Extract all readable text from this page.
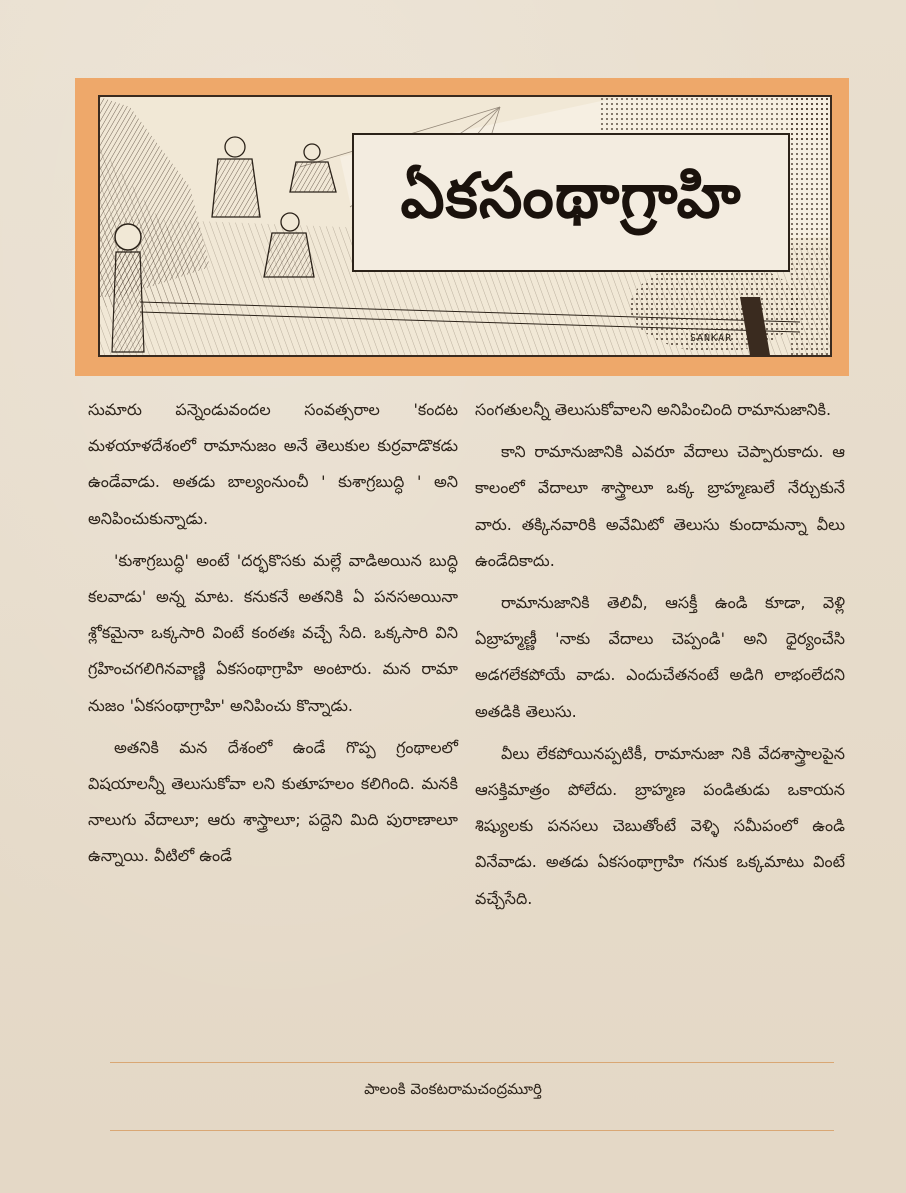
ఏకసంథాగ్రాహి
SANKAR

సుమారు పన్నెండువందల సంవత్సరాల 'కందట మళయాళదేశంలో రామానుజం అనే తెలుకుల కుర్రవాడొకడు ఉండేవాడు. అతడు బాల్యంనుంచీ ' కుశాగ్రబుద్ధి ' అని అనిపించుకున్నాడు.

'కుశాగ్రబుద్ధి' అంటే 'దర్భకొసకు మల్లే వాడిఅయిన బుద్ధి కలవాడు' అన్న మాట. కనుకనే అతనికి ఏ పనసఅయినా శ్లోకమైనా ఒక్కసారి వింటే కంఠతః వచ్చే సేది. ఒక్కసారి విని గ్రహించగలిగినవాణ్ణి ఏకసంథాగ్రాహి అంటారు. మన రామా నుజం 'ఏకసంథాగ్రాహి' అనిపించు కొన్నాడు.

అతనికి మన దేశంలో ఉండే గొప్ప గ్రంథాలలో విషయాలన్నీ తెలుసుకోవా లని కుతూహలం కలిగింది. మనకి నాలుగు వేదాలూ; ఆరు శాస్త్రాలూ; పద్దెని మిది పురాణాలూ ఉన్నాయి. వీటిలో ఉండే

సంగతులన్నీ తెలుసుకోవాలని అనిపించింది రామానుజానికి.

కాని రామానుజానికి ఎవరూ వేదాలు చెప్పారుకాదు. ఆ కాలంలో వేదాలూ శాస్త్రాలూ ఒక్క బ్రాహ్మణులే నేర్చుకునే వారు. తక్కినవారికి అవేమిటో తెలుసు కుందామన్నా వీలు ఉండేదికాదు.

రామానుజానికి తెలివీ, ఆసక్తీ ఉండి కూడా, వెళ్లి ఏబ్రాహ్మణ్ణీ 'నాకు వేదాలు చెప్పండి' అని ధైర్యంచేసి అడగలేకపోయే వాడు. ఎందుచేతనంటే అడిగి లాభంలేదని అతడికి తెలుసు.

వీలు లేకపోయినప్పటికీ, రామానుజా నికి వేదశాస్త్రాలపైన ఆసక్తిమాత్రం పోలేదు. బ్రాహ్మణ పండితుడు ఒకాయన శిష్యులకు పనసలు చెబుతోంటే వెళ్ళి సమీపంలో ఉండి వినేవాడు. అతడు ఏకసంథాగ్రాహి గనుక ఒక్కమాటు వింటే వచ్చేసేది.

పాలంకి వెంకటరామచంద్రమూర్తి
